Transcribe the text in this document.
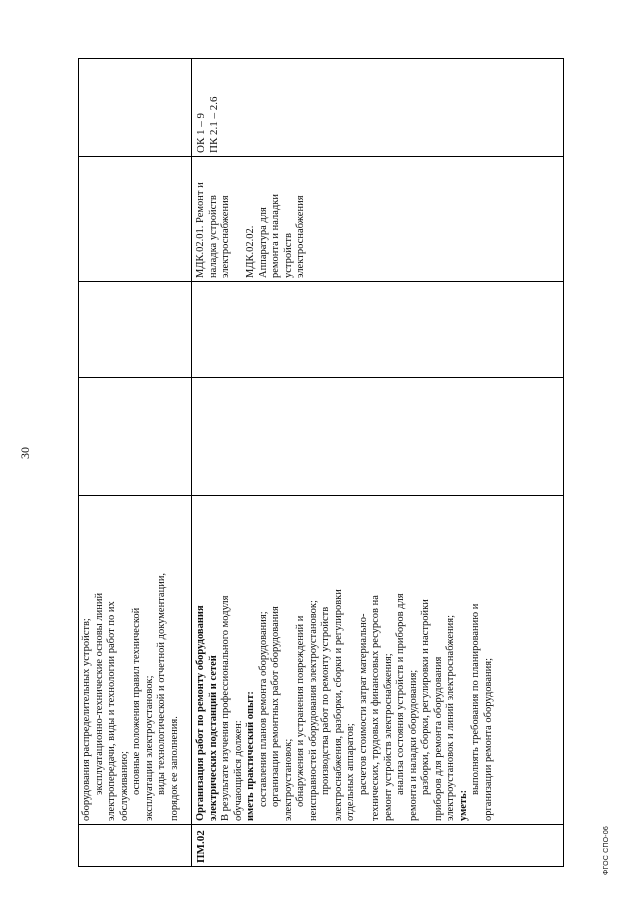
30
оборудования распределительных устройств; эксплуатационно-технические основы линий электропередачи, виды и технологии работ по их обслуживанию; основные положения правил технической эксплуатации электроустановок; виды технологической и отчетной документации, порядок ее заполнения.
ПМ.02
Организация работ по ремонту оборудования электрических подстанций и сетей В результате изучения профессионального модуля обучающийся должен: иметь практический опыт: составления планов ремонта оборудования; организации ремонтных работ оборудования электроустановок; обнаружения и устранения повреждений и неисправностей оборудования электроустановок; производства работ по ремонту устройств электроснабжения, разборки, сборки и регулировки отдельных аппаратов; расчетов стоимости затрат материально- технических, трудовых и финансовых ресурсов на ремонт устройств электроснабжения; анализа состояния устройств и приборов для ремонта и наладки оборудования; разборки, сборки, регулировки и настройки приборов для ремонта оборудования электроустановок и линий электроснабжения; уметь:
выполнять требования по планированию и организации ремонта оборудования;
МДК.02.01. Ремонт и наладка устройств электроснабжения
МДК.02.02. Аппаратура для ремонта и наладки устройств электроснабжения
ОК 1 – 9 ПК 2.1 – 2.6
ФГОС СПО-06
